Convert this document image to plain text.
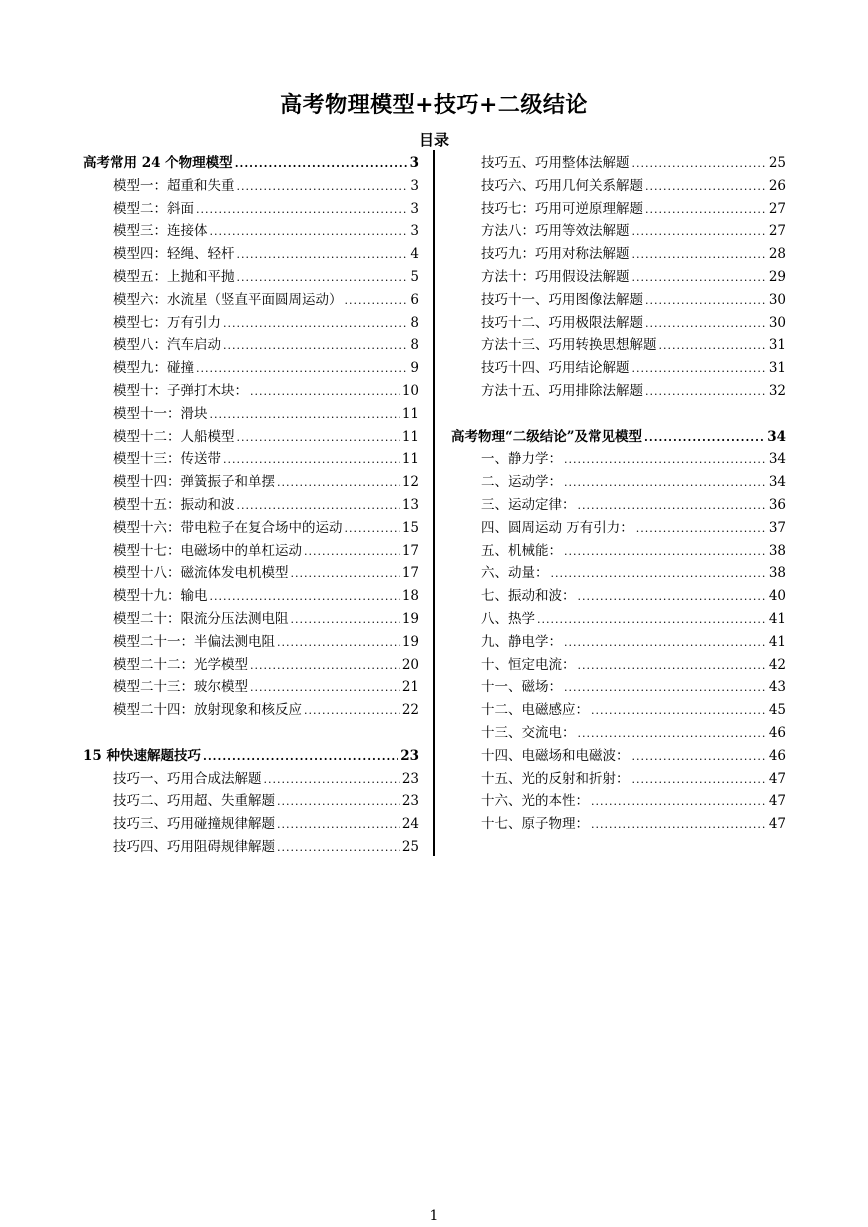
高考物理模型+技巧+二级结论
目录
高考常用 24 个物理模型 .....	3
模型一：超重和失重 .....	3
模型二：斜面 .....	3
模型三：连接体 .....	3
模型四：轻绳、轻杆 .....	4
模型五：上抛和平抛 .....	5
模型六：水流星（竖直平面圆周运动） .....	6
模型七：万有引力 .....	8
模型八：汽车启动 .....	8
模型九：碰撞 .....	9
模型十：子弹打木块： .....	10
模型十一：滑块 .....	11
模型十二：人船模型 .....	11
模型十三：传送带 .....	11
模型十四：弹簧振子和单摆 .....	12
模型十五：振动和波 .....	13
模型十六：带电粒子在复合场中的运动 .....	15
模型十七：电磁场中的单杠运动 .....	17
模型十八：磁流体发电机模型 .....	17
模型十九：输电 .....	18
模型二十：限流分压法测电阻 .....	19
模型二十一：半偏法测电阻 .....	19
模型二十二：光学模型 .....	20
模型二十三：玻尔模型 .....	21
模型二十四：放射现象和核反应 .....	22
15 种快速解题技巧 .....	23
技巧一、巧用合成法解题 .....	23
技巧二、巧用超、失重解题 .....	23
技巧三、巧用碰撞规律解题 .....	24
技巧四、巧用阻碍规律解题 .....	25
技巧五、巧用整体法解题 .....	25
技巧六、巧用几何关系解题 .....	26
技巧七：巧用可逆原理解题 .....	27
方法八：巧用等效法解题 .....	27
技巧九：巧用对称法解题 .....	28
方法十：巧用假设法解题 .....	29
技巧十一、巧用图像法解题 .....	30
技巧十二、巧用极限法解题 .....	30
方法十三、巧用转换思想解题 .....	31
技巧十四、巧用结论解题 .....	31
方法十五、巧用排除法解题 .....	32
高考物理“二级结论”及常见模型 .....	34
一、静力学： .....	34
二、运动学： .....	34
三、运动定律： .....	36
四、圆周运动 万有引力： .....	37
五、机械能： .....	38
六、动量： .....	38
七、振动和波： .....	40
八、热学 .....	41
九、静电学： .....	41
十、恒定电流： .....	42
十一、磁场： .....	43
十二、电磁感应： .....	45
十三、交流电： .....	46
十四、电磁场和电磁波： .....	46
十五、光的反射和折射： .....	47
十六、光的本性： .....	47
十七、原子物理： .....	47
1
